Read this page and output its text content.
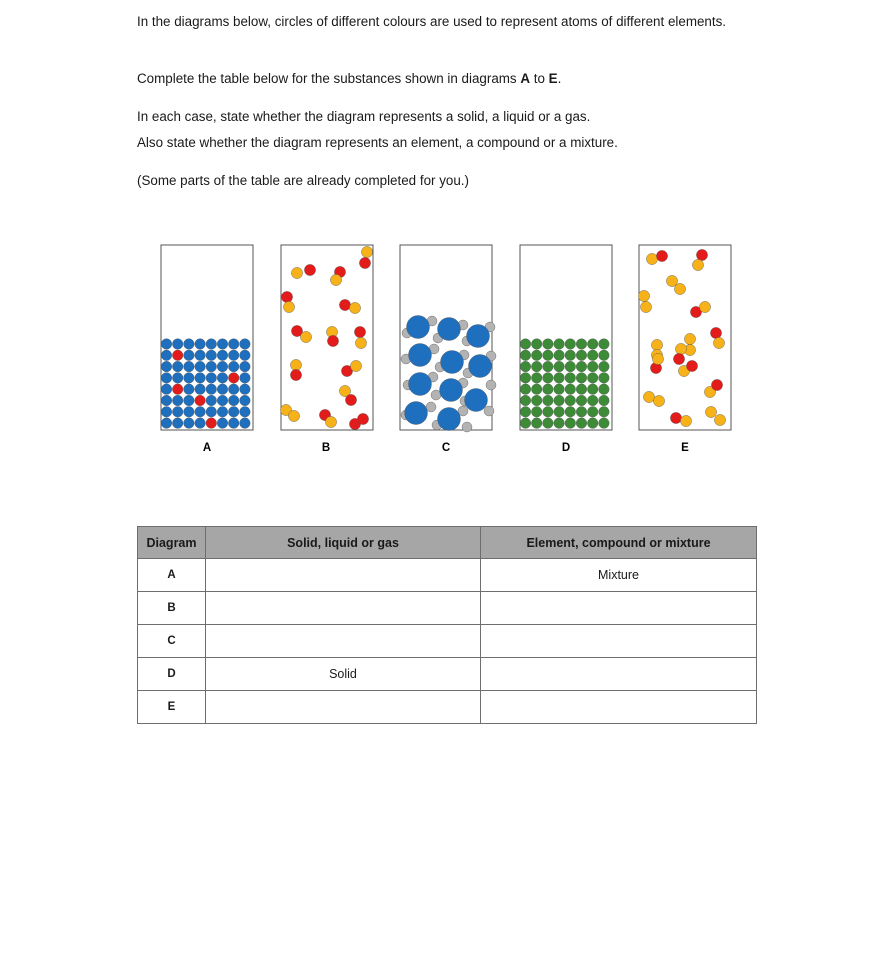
In the diagrams below, circles of different colours are used to represent atoms of different elements.

Complete the table below for the substances shown in diagrams A to E.

In each case, state whether the diagram represents a solid, a liquid or a gas.

Also state whether the diagram represents an element, a compound or a mixture.

(Some parts of the table are already completed for you.)

A	B	C	D	E
Diagram	Solid, liquid or gas	Element, compound or mixture
A		Mixture
B		
C		
D	Solid	
E		
